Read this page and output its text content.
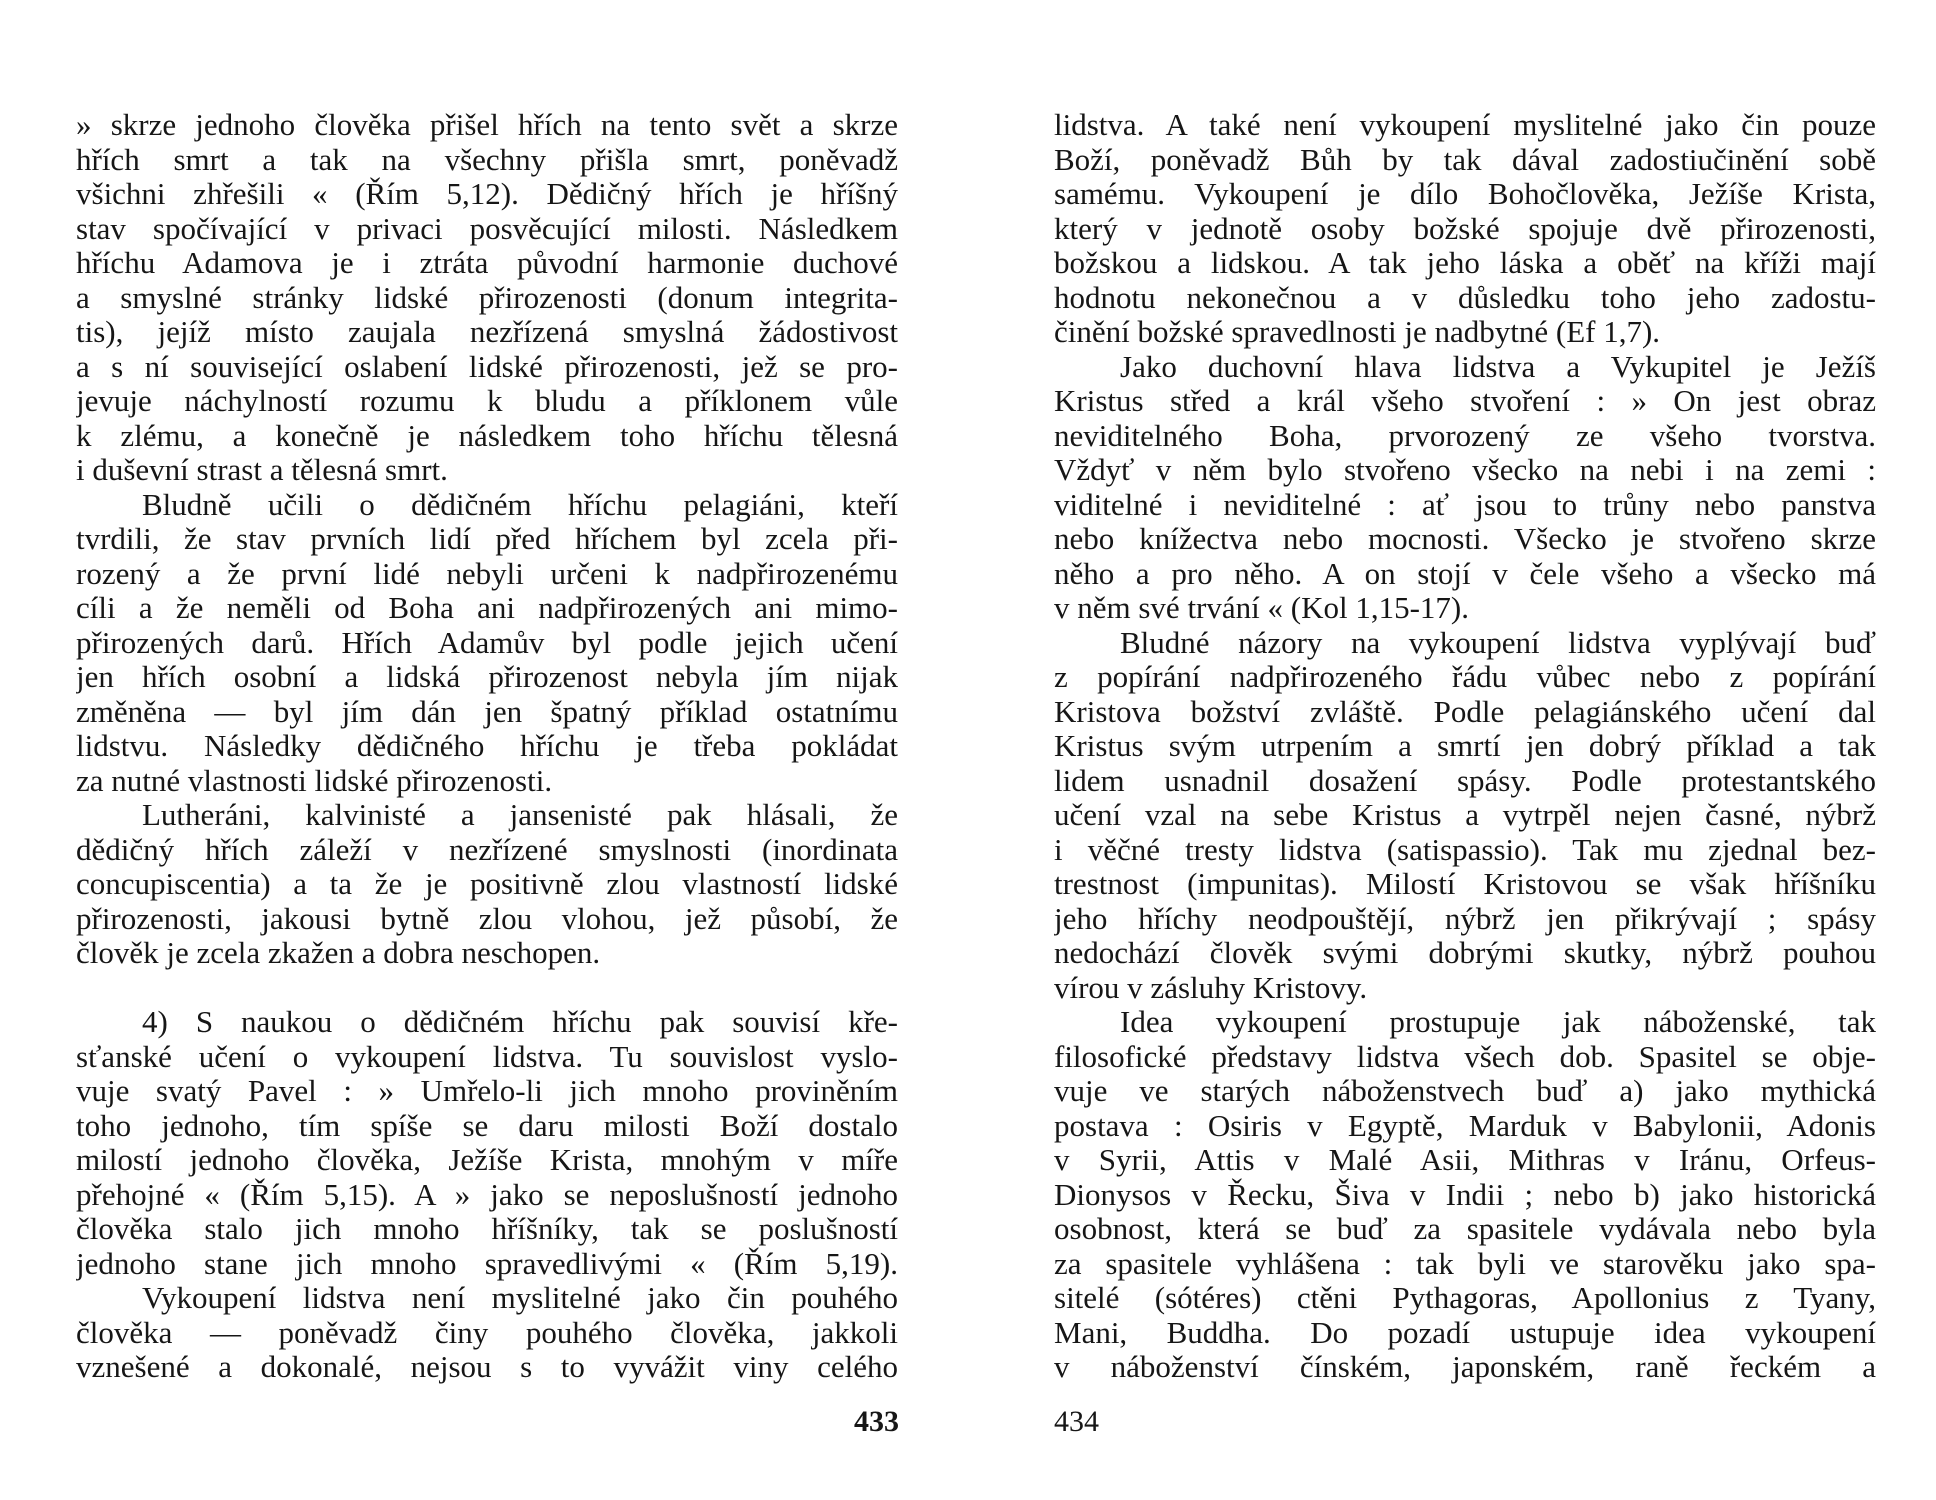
» skrze jednoho člověka přišel hřích na tento svět a skrze
hřích smrt a tak na všechny přišla smrt, poněvadž
všichni zhřešili « (Řím 5,12). Dědičný hřích je hříšný
stav spočívající v privaci posvěcující milosti. Následkem
hříchu Adamova je i ztráta původní harmonie duchové
a smyslné stránky lidské přirozenosti (donum integrita-
tis), jejíž místo zaujala nezřízená smyslná žádostivost
a s ní související oslabení lidské přirozenosti, jež se pro-
jevuje náchylností rozumu k bludu a příklonem vůle
k zlému, a konečně je následkem toho hříchu tělesná
i duševní strast a tělesná smrt.
Bludně učili o dědičném hříchu pelagiáni, kteří
tvrdili, že stav prvních lidí před hříchem byl zcela při-
rozený a že první lidé nebyli určeni k nadpřirozenému
cíli a že neměli od Boha ani nadpřirozených ani mimo-
přirozených darů. Hřích Adamův byl podle jejich učení
jen hřích osobní a lidská přirozenost nebyla jím nijak
změněna — byl jím dán jen špatný příklad ostatnímu
lidstvu. Následky dědičného hříchu je třeba pokládat
za nutné vlastnosti lidské přirozenosti.
Lutheráni, kalvinisté a jansenisté pak hlásali, že
dědičný hřích záleží v nezřízené smyslnosti (inordinata
concupiscentia) a ta že je positivně zlou vlastností lidské
přirozenosti, jakousi bytně zlou vlohou, jež působí, že
člověk je zcela zkažen a dobra neschopen.
4) S naukou o dědičném hříchu pak souvisí kře-
sťanské učení o vykoupení lidstva. Tu souvislost vyslo-
vuje svatý Pavel : » Umřelo-li jich mnoho proviněním
toho jednoho, tím spíše se daru milosti Boží dostalo
milostí jednoho člověka, Ježíše Krista, mnohým v míře
přehojné « (Řím 5,15). A » jako se neposlušností jednoho
člověka stalo jich mnoho hříšníky, tak se poslušností
jednoho stane jich mnoho spravedlivými « (Řím 5,19).
Vykoupení lidstva není myslitelné jako čin pouhého
člověka — poněvadž činy pouhého člověka, jakkoli
vznešené a dokonalé, nejsou s to vyvážit viny celého
433
lidstva. A také není vykoupení myslitelné jako čin pouze
Boží, poněvadž Bůh by tak dával zadostiučinění sobě
samému. Vykoupení je dílo Bohočlověka, Ježíše Krista,
který v jednotě osoby božské spojuje dvě přirozenosti,
božskou a lidskou. A tak jeho láska a oběť na kříži mají
hodnotu nekonečnou a v důsledku toho jeho zadostu-
činění božské spravedlnosti je nadbytné (Ef 1,7).
Jako duchovní hlava lidstva a Vykupitel je Ježíš
Kristus střed a král všeho stvoření : » On jest obraz
neviditelného Boha, prvorozený ze všeho tvorstva.
Vždyť v něm bylo stvořeno všecko na nebi i na zemi :
viditelné i neviditelné : ať jsou to trůny nebo panstva
nebo knížectva nebo mocnosti. Všecko je stvořeno skrze
něho a pro něho. A on stojí v čele všeho a všecko má
v něm své trvání « (Kol 1,15-17).
Bludné názory na vykoupení lidstva vyplývají buď
z popírání nadpřirozeného řádu vůbec nebo z popírání
Kristova božství zvláště. Podle pelagiánského učení dal
Kristus svým utrpením a smrtí jen dobrý příklad a tak
lidem usnadnil dosažení spásy. Podle protestantského
učení vzal na sebe Kristus a vytrpěl nejen časné, nýbrž
i věčné tresty lidstva (satispassio). Tak mu zjednal bez-
trestnost (impunitas). Milostí Kristovou se však hříšníku
jeho hříchy neodpouštějí, nýbrž jen přikrývají ; spásy
nedochází člověk svými dobrými skutky, nýbrž pouhou
vírou v zásluhy Kristovy.
Idea vykoupení prostupuje jak náboženské, tak
filosofické představy lidstva všech dob. Spasitel se obje-
vuje ve starých náboženstvech buď a) jako mythická
postava : Osiris v Egyptě, Marduk v Babylonii, Adonis
v Syrii, Attis v Malé Asii, Mithras v Iránu, Orfeus-
Dionysos v Řecku, Šiva v Indii ; nebo b) jako historická
osobnost, která se buď za spasitele vydávala nebo byla
za spasitele vyhlášena : tak byli ve starověku jako spa-
sitelé (sótéres) ctěni Pythagoras, Apollonius z Tyany,
Mani, Buddha. Do pozadí ustupuje idea vykoupení
v náboženství čínském, japonském, raně řeckém a
434
